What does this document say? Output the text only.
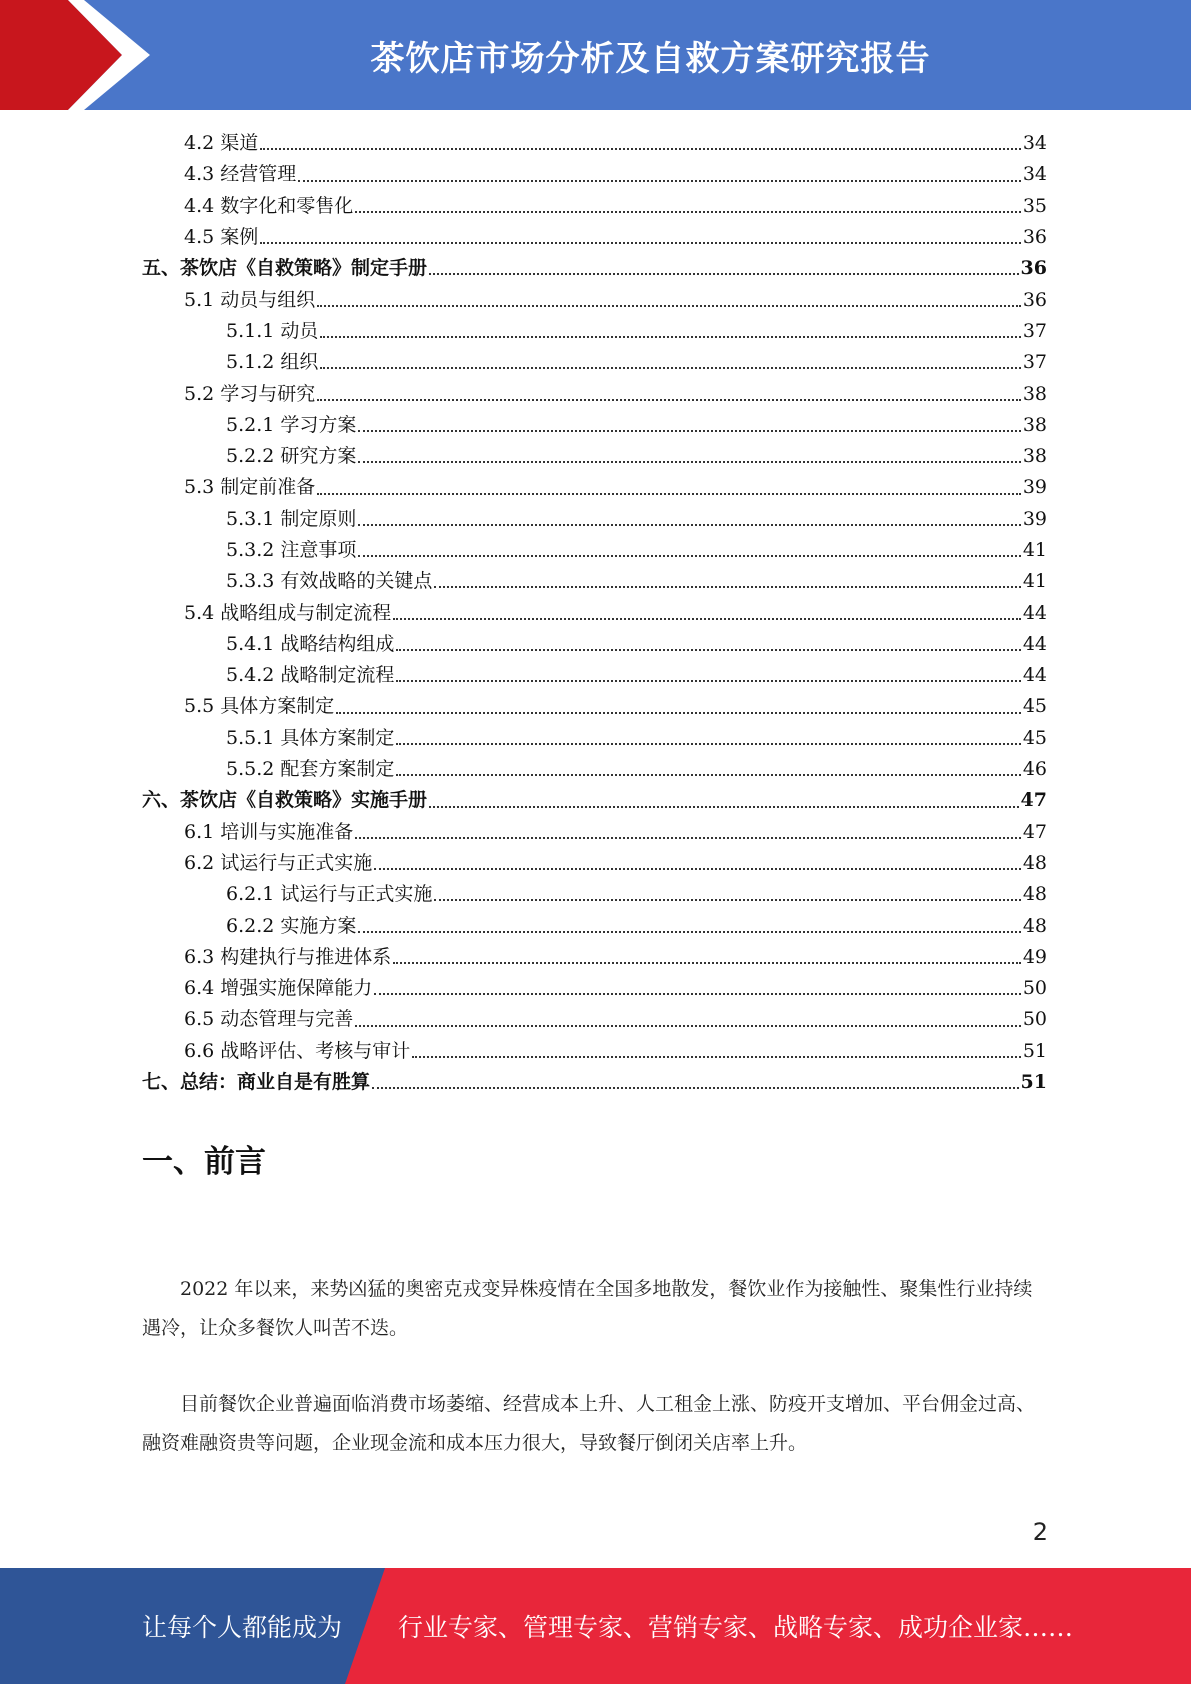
茶饮店市场分析及自救方案研究报告
4.2 渠道	34
4.3 经营管理	34
4.4 数字化和零售化	35
4.5 案例	36
五、茶饮店《自救策略》制定手册	36
5.1 动员与组织	36
5.1.1 动员	37
5.1.2 组织	37
5.2 学习与研究	38
5.2.1 学习方案	38
5.2.2 研究方案	38
5.3 制定前准备	39
5.3.1 制定原则	39
5.3.2 注意事项	41
5.3.3 有效战略的关键点	41
5.4 战略组成与制定流程	44
5.4.1 战略结构组成	44
5.4.2 战略制定流程	44
5.5 具体方案制定	45
5.5.1 具体方案制定	45
5.5.2 配套方案制定	46
六、茶饮店《自救策略》实施手册	47
6.1 培训与实施准备	47
6.2 试运行与正式实施	48
6.2.1 试运行与正式实施	48
6.2.2 实施方案	48
6.3 构建执行与推进体系	49
6.4 增强实施保障能力	50
6.5 动态管理与完善	50
6.6 战略评估、考核与审计	51
七、总结：商业自是有胜算	51
一、前言

2022 年以来，来势凶猛的奥密克戎变异株疫情在全国多地散发，餐饮业作为接触性、聚集性行业持续遇冷，让众多餐饮人叫苦不迭。

目前餐饮企业普遍面临消费市场萎缩、经营成本上升、人工租金上涨、防疫开支增加、平台佣金过高、融资难融资贵等问题，企业现金流和成本压力很大，导致餐厅倒闭关店率上升。

2
让每个人都能成为 行业专家、管理专家、营销专家、战略专家、成功企业家……
